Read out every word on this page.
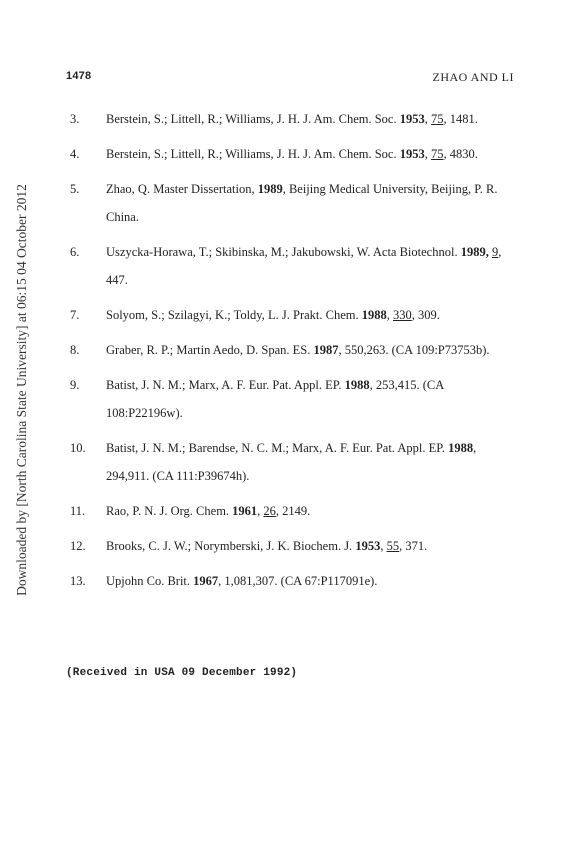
Downloaded by [North Carolina State University] at 06:15 04 October 2012
1478	ZHAO AND LI
3. Berstein, S.; Littell, R.; Williams, J. H. J. Am. Chem. Soc. 1953, 75, 1481.
4. Berstein, S.; Littell, R.; Williams, J. H. J. Am. Chem. Soc. 1953, 75, 4830.
5. Zhao, Q. Master Dissertation, 1989, Beijing Medical University, Beijing, P. R. China.
6. Uszycka-Horawa, T.; Skibinska, M.; Jakubowski, W. Acta Biotechnol. 1989, 9, 447.
7. Solyom, S.; Szilagyi, K.; Toldy, L. J. Prakt. Chem. 1988, 330, 309.
8. Graber, R. P.; Martin Aedo, D. Span. ES. 1987, 550,263. (CA 109:P73753b).
9. Batist, J. N. M.; Marx, A. F. Eur. Pat. Appl. EP. 1988, 253,415. (CA 108:P22196w).
10. Batist, J. N. M.; Barendse, N. C. M.; Marx, A. F. Eur. Pat. Appl. EP. 1988, 294,911. (CA 111:P39674h).
11. Rao, P. N. J. Org. Chem. 1961, 26, 2149.
12. Brooks, C. J. W.; Norymberski, J. K. Biochem. J. 1953, 55, 371.
13. Upjohn Co. Brit. 1967, 1,081,307. (CA 67:P117091e).
(Received in USA 09 December 1992)
